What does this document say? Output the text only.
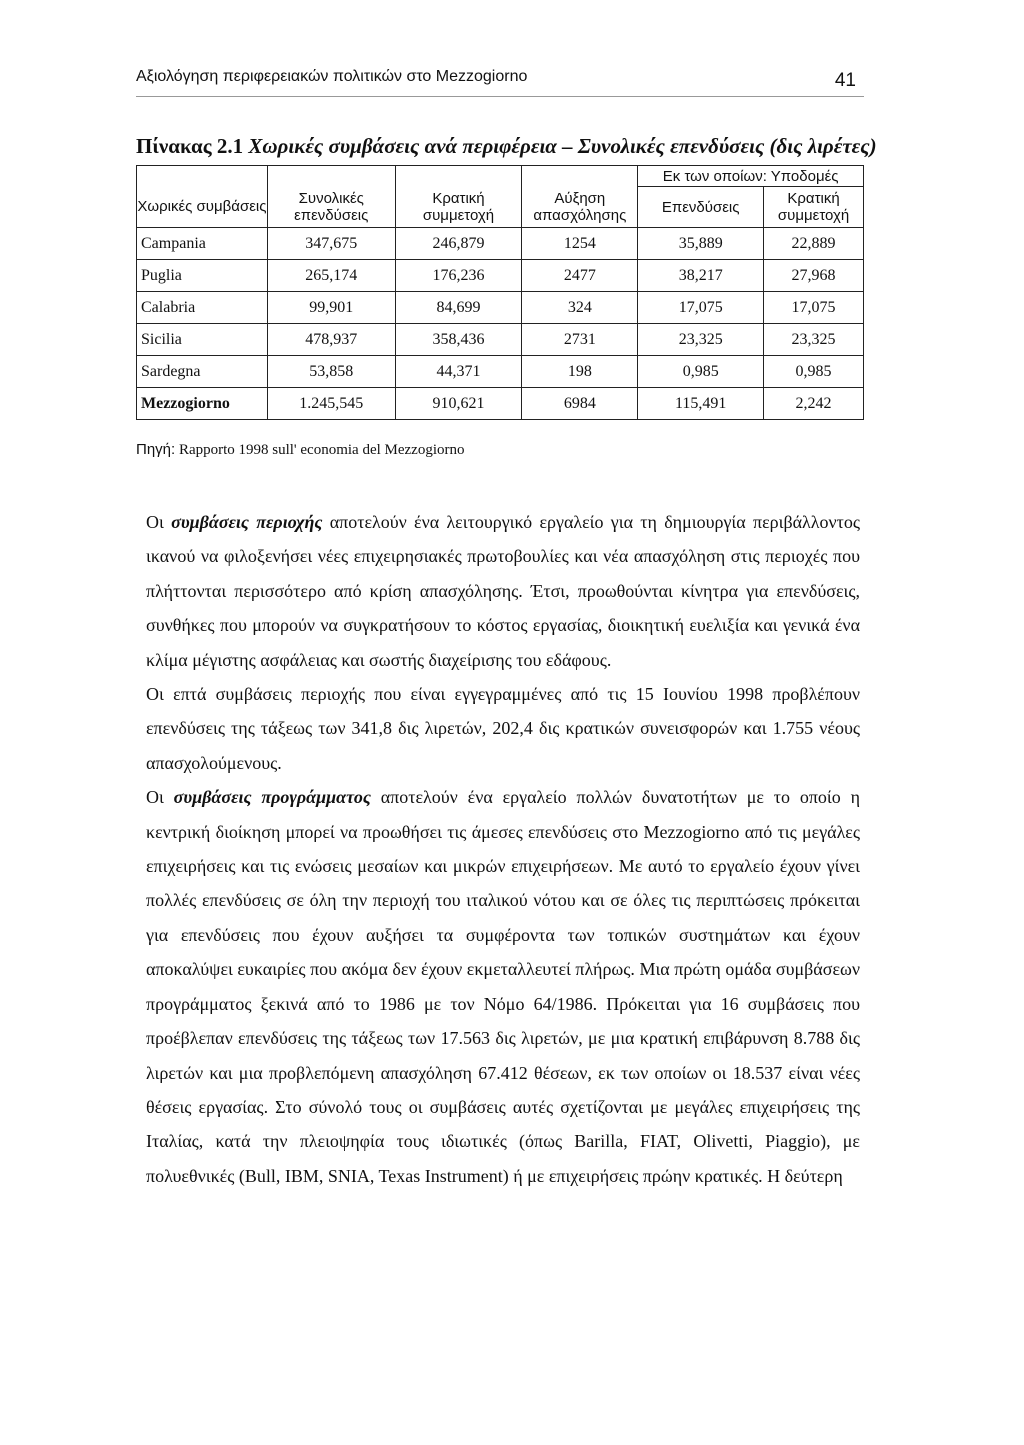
Αξιολόγηση περιφερειακών πολιτικών στο Mezzogiorno	41
Πίνακας 2.1 Χωρικές συμβάσεις ανά περιφέρεια – Συνολικές επενδύσεις (δις λιρέτες)
				Εκ των οποίων: Υποδομές	
Χωρικές συμβάσεις	Συνολικές επενδύσεις	Κρατική συμμετοχή	Αύξηση απασχόλησης	Επενδύσεις	Κρατική συμμετοχή
Campania	347,675	246,879	1254	35,889	22,889
Puglia	265,174	176,236	2477	38,217	27,968
Calabria	99,901	84,699	324	17,075	17,075
Sicilia	478,937	358,436	2731	23,325	23,325
Sardegna	53,858	44,371	198	0,985	0,985
Mezzogiorno	1.245,545	910,621	6984	115,491	2,242
Πηγή: Rapporto 1998 sull' economia del Mezzogiorno

Οι συμβάσεις περιοχής αποτελούν ένα λειτουργικό εργαλείο για τη δημιουργία περιβάλλοντος ικανού να φιλοξενήσει νέες επιχειρησιακές πρωτοβουλίες και νέα απασχόληση στις περιοχές που πλήττονται περισσότερο από κρίση απασχόλησης. Έτσι, προωθούνται κίνητρα για επενδύσεις, συνθήκες που μπορούν να συγκρατήσουν το κόστος εργασίας, διοικητική ευελιξία και γενικά ένα κλίμα μέγιστης ασφάλειας και σωστής διαχείρισης του εδάφους.

Οι επτά συμβάσεις περιοχής που είναι εγγεγραμμένες από τις 15 Ιουνίου 1998 προβλέπουν επενδύσεις της τάξεως των 341,8 δις λιρετών, 202,4 δις κρατικών συνεισφορών και 1.755 νέους απασχολούμενους.

Οι συμβάσεις προγράμματος αποτελούν ένα εργαλείο πολλών δυνατοτήτων με το οποίο η κεντρική διοίκηση μπορεί να προωθήσει τις άμεσες επενδύσεις στο Mezzogiorno από τις μεγάλες επιχειρήσεις και τις ενώσεις μεσαίων και μικρών επιχειρήσεων. Με αυτό το εργαλείο έχουν γίνει πολλές επενδύσεις σε όλη την περιοχή του ιταλικού νότου και σε όλες τις περιπτώσεις πρόκειται για επενδύσεις που έχουν αυξήσει τα συμφέροντα των τοπικών συστημάτων και έχουν αποκαλύψει ευκαιρίες που ακόμα δεν έχουν εκμεταλλευτεί πλήρως. Μια πρώτη ομάδα συμβάσεων προγράμματος ξεκινά από το 1986 με τον Νόμο 64/1986. Πρόκειται για 16 συμβάσεις που προέβλεπαν επενδύσεις της τάξεως των 17.563 δις λιρετών, με μια κρατική επιβάρυνση 8.788 δις λιρετών και μια προβλεπόμενη απασχόληση 67.412 θέσεων, εκ των οποίων οι 18.537 είναι νέες θέσεις εργασίας. Στο σύνολό τους οι συμβάσεις αυτές σχετίζονται με μεγάλες επιχειρήσεις της Ιταλίας, κατά την πλειοψηφία τους ιδιωτικές (όπως Barilla, FIAT, Olivetti, Piaggio), με πολυεθνικές (Bull, IBM, SNIA, Texas Instrument) ή με επιχειρήσεις πρώην κρατικές. Η δεύτερη
